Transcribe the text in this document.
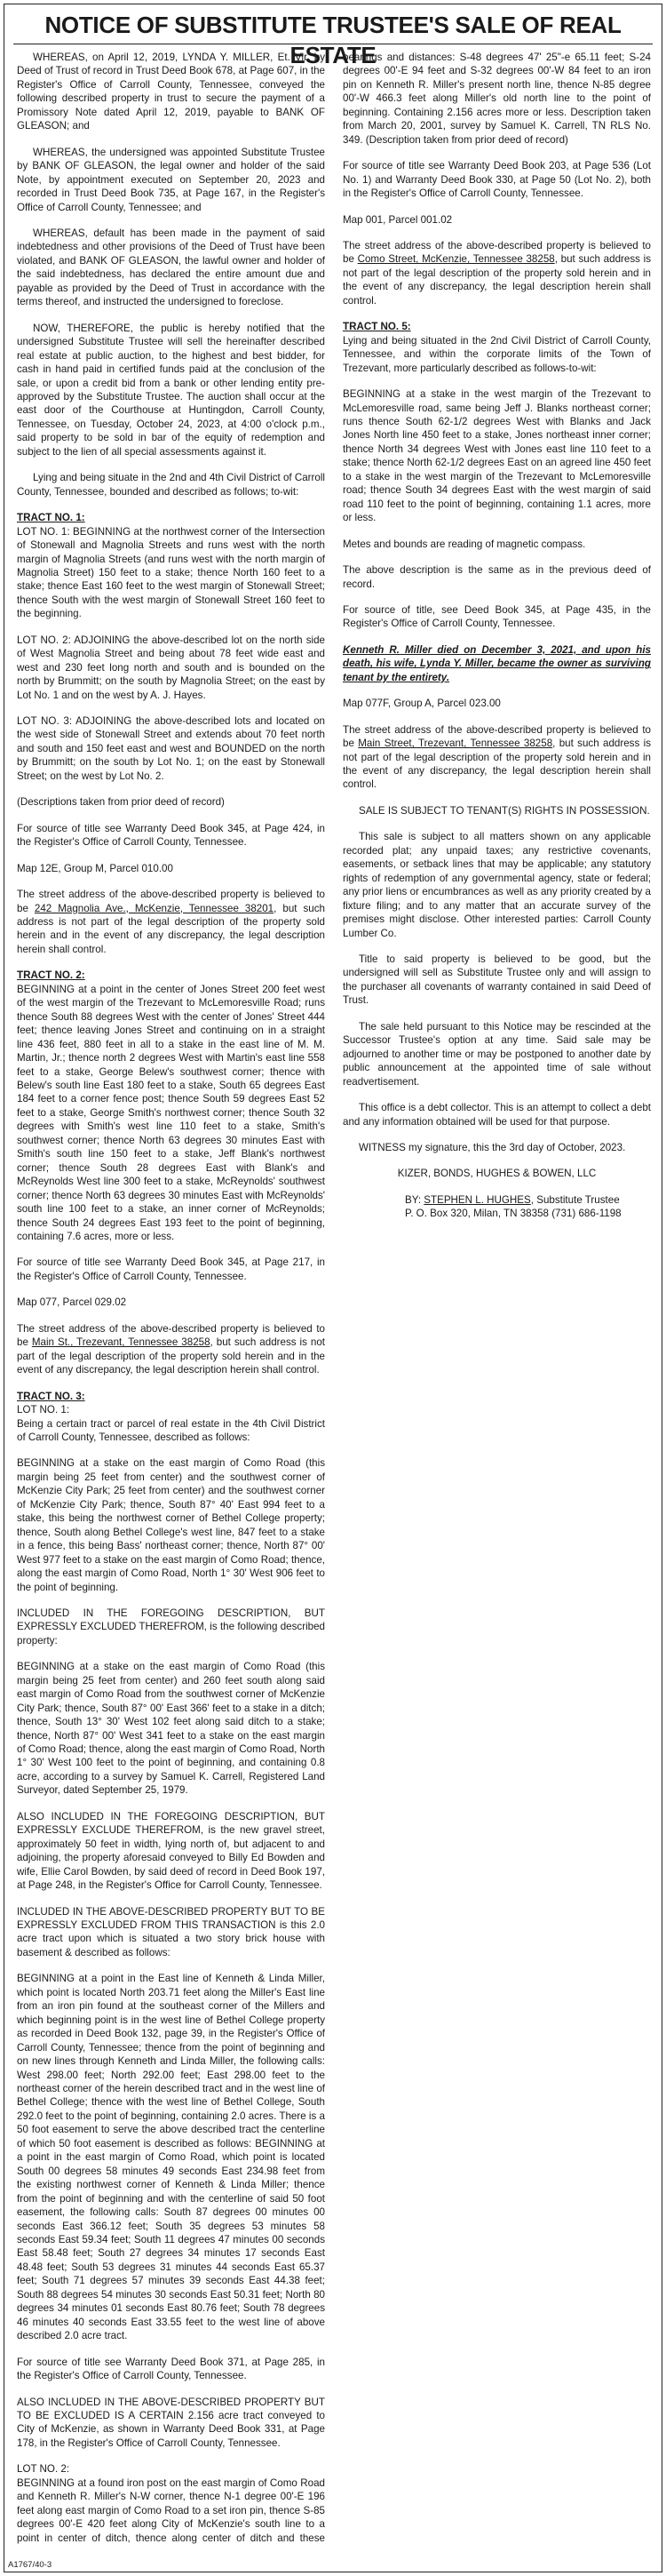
NOTICE OF SUBSTITUTE TRUSTEE'S SALE OF REAL ESTATE

WHEREAS, on April 12, 2019, LYNDA Y. MILLER, Et. Vir. by Deed of Trust of record in Trust Deed Book 678, at Page 607, in the Register's Office of Carroll County, Tennessee, conveyed the following described property in trust to secure the payment of a Promissory Note dated April 12, 2019, payable to BANK OF GLEASON; and

WHEREAS, the undersigned was appointed Substitute Trustee by BANK OF GLEASON, the legal owner and holder of the said Note, by appointment executed on September 20, 2023 and recorded in Trust Deed Book 735, at Page 167, in the Register's Office of Carroll County, Tennessee; and

WHEREAS, default has been made in the payment of said indebtedness and other provisions of the Deed of Trust have been violated, and BANK OF GLEASON, the lawful owner and holder of the said indebtedness, has declared the entire amount due and payable as provided by the Deed of Trust in accordance with the terms thereof, and instructed the undersigned to foreclose.

NOW, THEREFORE, the public is hereby notified that the undersigned Substitute Trustee will sell the hereinafter described real estate at public auction, to the highest and best bidder, for cash in hand paid in certified funds paid at the conclusion of the sale, or upon a credit bid from a bank or other lending entity pre-approved by the Substitute Trustee. The auction shall occur at the east door of the Courthouse at Huntingdon, Carroll County, Tennessee, on Tuesday, October 24, 2023, at 4:00 o'clock p.m., said property to be sold in bar of the equity of redemption and subject to the lien of all special assessments against it.

Lying and being situate in the 2nd and 4th Civil District of Carroll County, Tennessee, bounded and described as follows; to-wit:

TRACT NO. 1:

LOT NO. 1: BEGINNING at the northwest corner of the Intersection of Stonewall and Magnolia Streets and runs west with the north margin of Magnolia Streets (and runs west with the north margin of Magnolia Street) 150 feet to a stake; thence North 160 feet to a stake; thence East 160 feet to the west margin of Stonewall Street; thence South with the west margin of Stonewall Street 160 feet to the beginning.

LOT NO. 2: ADJOINING the above-described lot on the north side of West Magnolia Street and being about 78 feet wide east and west and 230 feet long north and south and is bounded on the north by Brummitt; on the south by Magnolia Street; on the east by Lot No. 1 and on the west by A. J. Hayes.

LOT NO. 3: ADJOINING the above-described lots and located on the west side of Stonewall Street and extends about 70 feet north and south and 150 feet east and west and BOUNDED on the north by Brummitt; on the south by Lot No. 1; on the east by Stonewall Street; on the west by Lot No. 2.

(Descriptions taken from prior deed of record)

For source of title see Warranty Deed Book 345, at Page 424, in the Register's Office of Carroll County, Tennessee.

Map 12E, Group M, Parcel 010.00

The street address of the above-described property is believed to be 242 Magnolia Ave., McKenzie, Tennessee 38201, but such address is not part of the legal description of the property sold herein and in the event of any discrepancy, the legal description herein shall control.

TRACT NO. 2:

BEGINNING at a point in the center of Jones Street 200 feet west of the west margin of the Trezevant to McLemoresville Road; runs thence South 88 degrees West with the center of Jones' Street 444 feet; thence leaving Jones Street and continuing on in a straight line 436 feet, 880 feet in all to a stake in the east line of M. M. Martin, Jr.; thence north 2 degrees West with Martin's east line 558 feet to a stake, George Belew's southwest corner; thence with Belew's south line East 180 feet to a stake, South 65 degrees East 184 feet to a corner fence post; thence South 59 degrees East 52 feet to a stake, George Smith's northwest corner; thence South 32 degrees with Smith's west line 110 feet to a stake, Smith's southwest corner; thence North 63 degrees 30 minutes East with Smith's south line 150 feet to a stake, Jeff Blank's northwest corner; thence South 28 degrees East with Blank's and McReynolds West line 300 feet to a stake, McReynolds' southwest corner; thence North 63 degrees 30 minutes East with McReynolds' south line 100 feet to a stake, an inner corner of McReynolds; thence South 24 degrees East 193 feet to the point of beginning, containing 7.6 acres, more or less.

For source of title see Warranty Deed Book 345, at Page 217, in the Register's Office of Carroll County, Tennessee.

Map 077, Parcel 029.02

The street address of the above-described property is believed to be Main St., Trezevant, Tennessee 38258, but such address is not part of the legal description of the property sold herein and in the event of any discrepancy, the legal description herein shall control.

TRACT NO. 3:

LOT NO. 1:

Being a certain tract or parcel of real estate in the 4th Civil District of Carroll County, Tennessee, described as follows:

BEGINNING at a stake on the east margin of Como Road (this margin being 25 feet from center) and the southwest corner of McKenzie City Park; 25 feet from center) and the southwest corner of McKenzie City Park; thence, South 87° 40' East 994 feet to a stake, this being the northwest corner of Bethel College property; thence, South along Bethel College's west line, 847 feet to a stake in a fence, this being Bass' northeast corner; thence, North 87° 00' West 977 feet to a stake on the east margin of Como Road; thence, along the east margin of Como Road, North 1° 30' West 906 feet to the point of beginning.

INCLUDED IN THE FOREGOING DESCRIPTION, BUT EXPRESSLY EXCLUDED THEREFROM, is the following described property:

BEGINNING at a stake on the east margin of Como Road (this margin being 25 feet from center) and 260 feet south along said east margin of Como Road from the southwest corner of McKenzie City Park; thence, South 87° 00' East 366' feet to a stake in a ditch; thence, South 13° 30' West 102 feet along said ditch to a stake; thence, North 87° 00' West 341 feet to a stake on the east margin of Como Road; thence, along the east margin of Como Road, North 1° 30' West 100 feet to the point of beginning, and containing 0.8 acre, according to a survey by Samuel K. Carrell, Registered Land Surveyor, dated September 25, 1979.

ALSO INCLUDED IN THE FOREGOING DESCRIPTION, BUT EXPRESSLY EXCLUDE THEREFROM, is the new gravel street, approximately 50 feet in width, lying north of, but adjacent to and adjoining, the property aforesaid conveyed to Billy Ed Bowden and wife, Ellie Carol Bowden, by said deed of record in Deed Book 197, at Page 248, in the Register's Office for Carroll County, Tennessee.

INCLUDED IN THE ABOVE-DESCRIBED PROPERTY BUT TO BE EXPRESSLY EXCLUDED FROM THIS TRANSACTION is this 2.0 acre tract upon which is situated a two story brick house with basement & described as follows:

BEGINNING at a point in the East line of Kenneth & Linda Miller, which point is located North 203.71 feet along the Miller's East line from an iron pin found at the southeast corner of the Millers and which beginning point is in the west line of Bethel College property as recorded in Deed Book 132, page 39, in the Register's Office of Carroll County, Tennessee; thence from the point of beginning and on new lines through Kenneth and Linda Miller, the following calls: West 298.00 feet; North 292.00 feet; East 298.00 feet to the northeast corner of the herein described tract and in the west line of Bethel College; thence with the west line of Bethel College, South 292.0 feet to the point of beginning, containing 2.0 acres. There is a 50 foot easement to serve the above described tract the centerline of which 50 foot easement is described as follows: BEGINNING at a point in the east margin of Como Road, which point is located South 00 degrees 58 minutes 49 seconds East 234.98 feet from the existing northwest corner of Kenneth & Linda Miller; thence from the point of beginning and with the centerline of said 50 foot easement, the following calls: South 87 degrees 00 minutes 00 seconds East 366.12 feet; South 35 degrees 53 minutes 58 seconds East 59.34 feet; South 11 degrees 47 minutes 00 seconds East 58.48 feet; South 27 degrees 34 minutes 17 seconds East 48.48 feet; South 53 degrees 31 minutes 44 seconds East 65.37 feet; South 71 degrees 57 minutes 39 seconds East 44.38 feet; South 88 degrees 54 minutes 30 seconds East 50.31 feet; North 80 degrees 34 minutes 01 seconds East 80.76 feet; South 78 degrees 46 minutes 40 seconds East 33.55 feet to the west line of above described 2.0 acre tract.

For source of title see Warranty Deed Book 371, at Page 285, in the Register's Office of Carroll County, Tennessee.

ALSO INCLUDED IN THE ABOVE-DESCRIBED PROPERTY BUT TO BE EXCLUDED IS A CERTAIN 2.156 acre tract conveyed to City of McKenzie, as shown in Warranty Deed Book 331, at Page 178, in the Register's Office of Carroll County, Tennessee.

LOT NO. 2:

BEGINNING at a found iron post on the east margin of Como Road and Kenneth R. Miller's N-W corner, thence N-1 degree 00'-E 196 feet along east margin of Como Road to a set iron pin, thence S-85 degrees 00'-E 420 feet along City of McKenzie's south line to a point in center of ditch, thence along center of ditch and these bearings and distances: S-48 degrees 47' 25"-e 65.11 feet; S-24 degrees 00'-E 94 feet and S-32 degrees 00'-W 84 feet to an iron pin on Kenneth R. Miller's present north line, thence N-85 degree 00'-W 466.3 feet along Miller's old north line to the point of beginning. Containing 2.156 acres more or less. Description taken from March 20, 2001, survey by Samuel K. Carrell, TN RLS No. 349. (Description taken from prior deed of record)

For source of title see Warranty Deed Book 203, at Page 536 (Lot No. 1) and Warranty Deed Book 330, at Page 50 (Lot No. 2), both in the Register's Office of Carroll County, Tennessee.

Map 001, Parcel 001.02

The street address of the above-described property is believed to be Como Street, McKenzie, Tennessee 38258, but such address is not part of the legal description of the property sold herein and in the event of any discrepancy, the legal description herein shall control.

TRACT NO. 5:

Lying and being situated in the 2nd Civil District of Carroll County, Tennessee, and within the corporate limits of the Town of Trezevant, more particularly described as follows-to-wit:

BEGINNING at a stake in the west margin of the Trezevant to McLemoresville road, same being Jeff J. Blanks northeast corner; runs thence South 62-1/2 degrees West with Blanks and Jack Jones North line 450 feet to a stake, Jones northeast inner corner; thence North 34 degrees West with Jones east line 110 feet to a stake; thence North 62-1/2 degrees East on an agreed line 450 feet to a stake in the west margin of the Trezevant to McLemoresville road; thence South 34 degrees East with the west margin of said road 110 feet to the point of beginning, containing 1.1 acres, more or less.

Metes and bounds are reading of magnetic compass.

The above description is the same as in the previous deed of record.

For source of title, see Deed Book 345, at Page 435, in the Register's Office of Carroll County, Tennessee.

Kenneth R. Miller died on December 3, 2021, and upon his death, his wife, Lynda Y. Miller, became the owner as surviving tenant by the entirety.

Map 077F, Group A, Parcel 023.00

The street address of the above-described property is believed to be Main Street, Trezevant, Tennessee 38258, but such address is not part of the legal description of the property sold herein and in the event of any discrepancy, the legal description herein shall control.

SALE IS SUBJECT TO TENANT(S) RIGHTS IN POSSESSION.

This sale is subject to all matters shown on any applicable recorded plat; any unpaid taxes; any restrictive covenants, easements, or setback lines that may be applicable; any statutory rights of redemption of any governmental agency, state or federal; any prior liens or encumbrances as well as any priority created by a fixture filing; and to any matter that an accurate survey of the premises might disclose. Other interested parties: Carroll County Lumber Co.

Title to said property is believed to be good, but the undersigned will sell as Substitute Trustee only and will assign to the purchaser all covenants of warranty contained in said Deed of Trust.

The sale held pursuant to this Notice may be rescinded at the Successor Trustee's option at any time. Said sale may be adjourned to another time or may be postponed to another date by public announcement at the appointed time of sale without readvertisement.

This office is a debt collector. This is an attempt to collect a debt and any information obtained will be used for that purpose.

WITNESS my signature, this the 3rd day of October, 2023.

KIZER, BONDS, HUGHES & BOWEN, LLC

BY: STEPHEN L. HUGHES, Substitute Trustee

P. O. Box 320, Milan, TN 38358 (731) 686-1198

A1767/40-3
